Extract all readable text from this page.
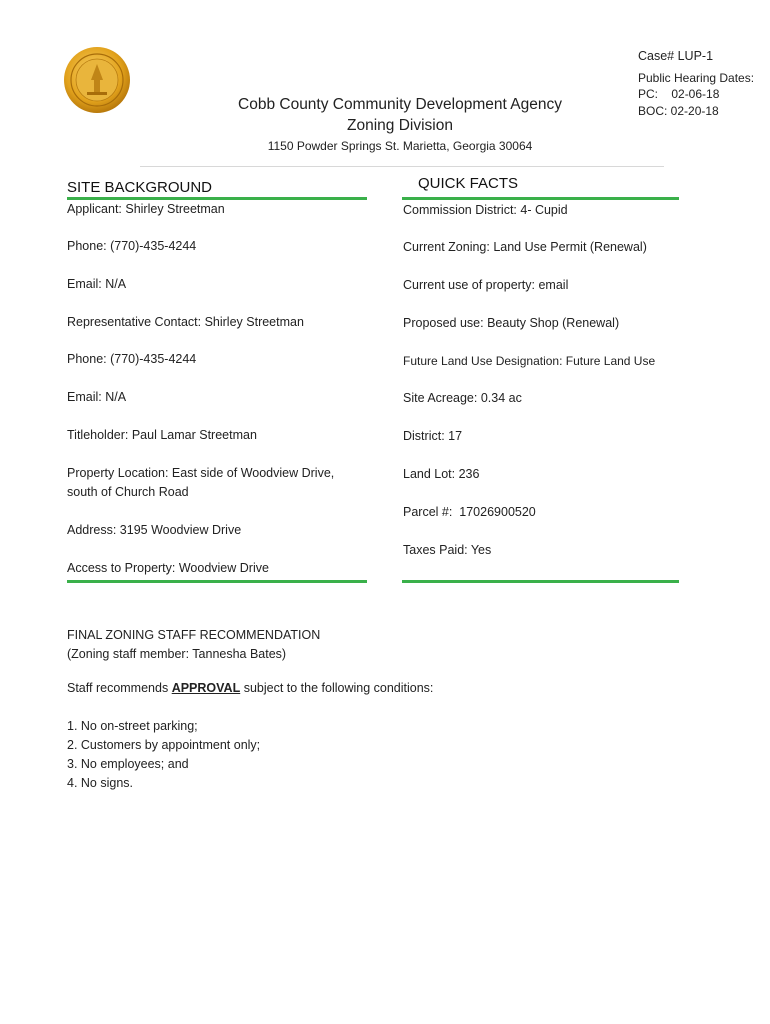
Cobb County Community Development Agency
Zoning Division
1150 Powder Springs St. Marietta, Georgia 30064
Case# LUP-1
Public Hearing Dates:
PC:    02-06-18
BOC: 02-20-18
SITE BACKGROUND
Applicant: Shirley Streetman
Phone: (770)-435-4244
Email: N/A
Representative Contact: Shirley Streetman
Phone: (770)-435-4244
Email: N/A
Titleholder: Paul Lamar Streetman
Property Location: East side of Woodview Drive,
south of Church Road
Address: 3195 Woodview Drive
Access to Property: Woodview Drive
QUICK FACTS
Commission District: 4- Cupid
Current Zoning: Land Use Permit (Renewal)
Current use of property: email
Proposed use: Beauty Shop (Renewal)
Future Land Use Designation: Future Land Use
Site Acreage: 0.34 ac
District: 17
Land Lot: 236
Parcel #:  17026900520
Taxes Paid: Yes
FINAL ZONING STAFF RECOMMENDATION
(Zoning staff member: Tannesha Bates)
Staff recommends APPROVAL subject to the following conditions:
1. No on-street parking;
2. Customers by appointment only;
3. No employees; and
4. No signs.
